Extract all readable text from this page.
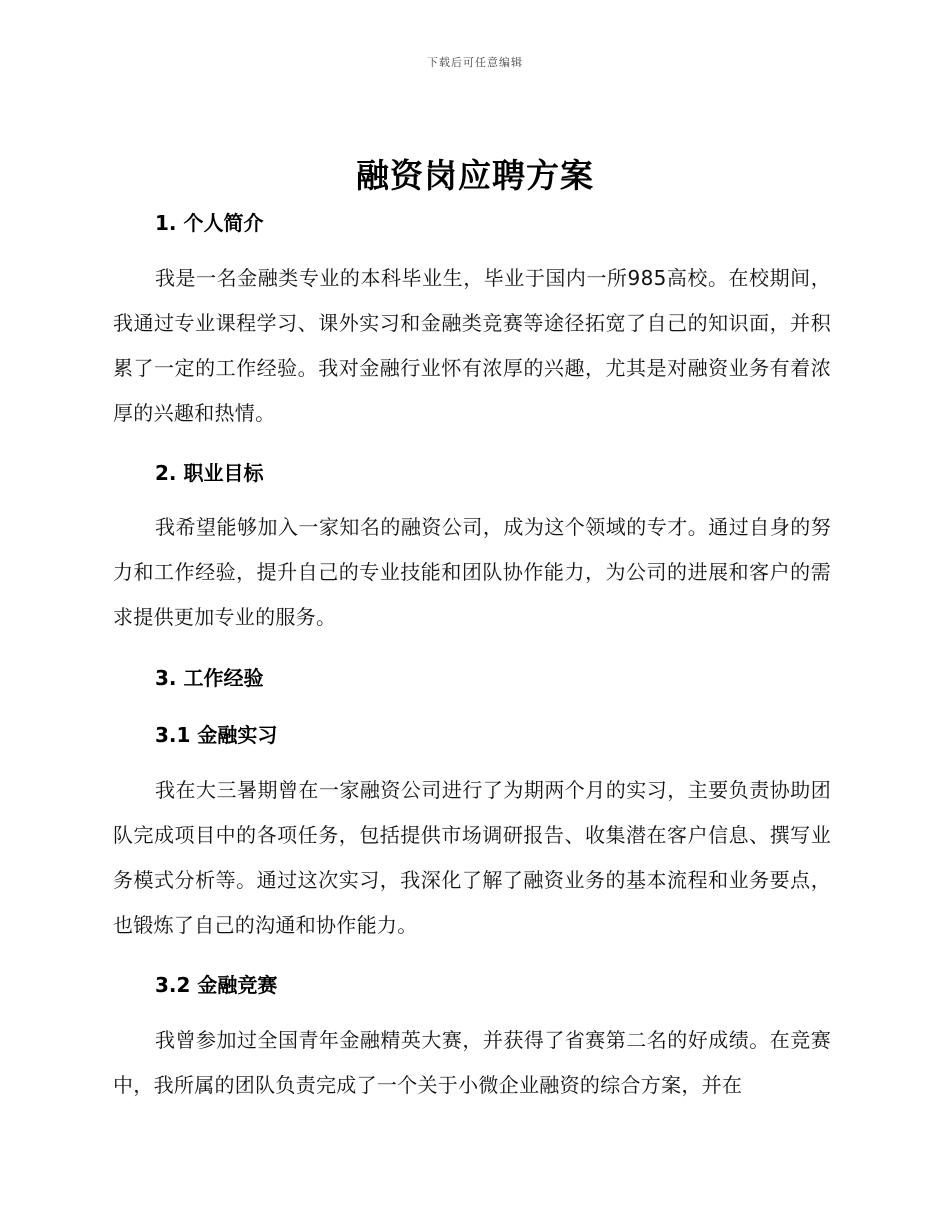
下载后可任意编辑
融资岗应聘方案
1. 个人简介
我是一名金融类专业的本科毕业生，毕业于国内一所985高校。在校期间，我通过专业课程学习、课外实习和金融类竞赛等途径拓宽了自己的知识面，并积累了一定的工作经验。我对金融行业怀有浓厚的兴趣，尤其是对融资业务有着浓厚的兴趣和热情。
2. 职业目标
我希望能够加入一家知名的融资公司，成为这个领域的专才。通过自身的努力和工作经验，提升自己的专业技能和团队协作能力，为公司的进展和客户的需求提供更加专业的服务。
3. 工作经验
3.1 金融实习
我在大三暑期曾在一家融资公司进行了为期两个月的实习，主要负责协助团队完成项目中的各项任务，包括提供市场调研报告、收集潜在客户信息、撰写业务模式分析等。通过这次实习，我深化了解了融资业务的基本流程和业务要点，也锻炼了自己的沟通和协作能力。
3.2 金融竞赛
我曾参加过全国青年金融精英大赛，并获得了省赛第二名的好成绩。在竞赛中，我所属的团队负责完成了一个关于小微企业融资的综合方案，并在
